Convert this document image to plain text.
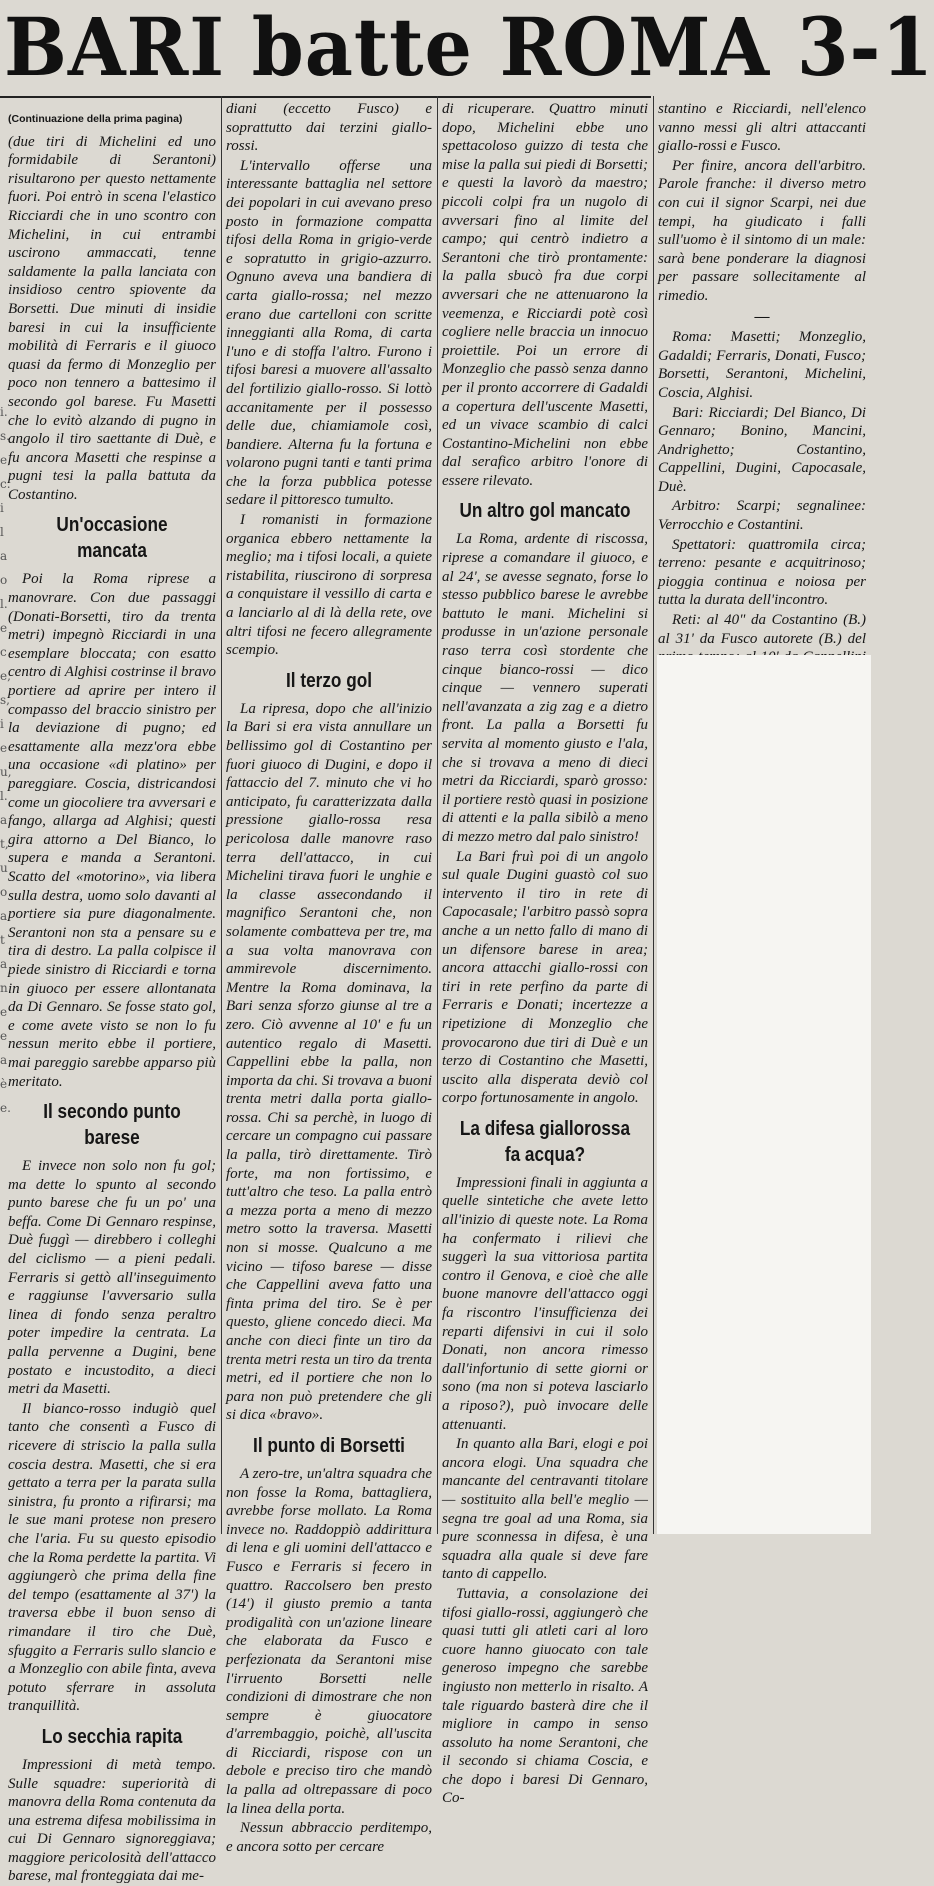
BARI batte ROMA 3-1
i. s. e, c. i l a o l. e c e, s, i e u, l. a t, u o a t a n e e a è e.
(Continuazione della prima pagina)

(due tiri di Michelini ed uno formidabile di Serantoni) risultarono per questo nettamente fuori. Poi entrò in scena l'elastico Ricciardi che in uno scontro con Michelini, in cui entrambi uscirono ammaccati, tenne saldamente la palla lanciata con insidioso centro spiovente da Borsetti. Due minuti di insidie baresi in cui la insufficiente mobilità di Ferraris e il giuoco quasi da fermo di Monzeglio per poco non tennero a battesimo il secondo gol barese. Fu Masetti che lo evitò alzando di pugno in angolo il tiro saettante di Duè, e fu ancora Masetti che respinse a pugni tesi la palla battuta da Costantino.

Un'occasione mancata

Poi la Roma riprese a manovrare. Con due passaggi (Donati-Borsetti, tiro da trenta metri) impegnò Ricciardi in una esemplare bloccata; con esatto centro di Alghisi costrinse il bravo portiere ad aprire per intero il compasso del braccio sinistro per la deviazione di pugno; ed esattamente alla mezz'ora ebbe una occasione «di platino» per pareggiare. Coscia, districandosi come un giocoliere tra avversari e fango, allarga ad Alghisi; questi gira attorno a Del Bianco, lo supera e manda a Serantoni. Scatto del «motorino», via libera sulla destra, uomo solo davanti al portiere sia pure diagonalmente. Serantoni non sta a pensare su e tira di destro. La palla colpisce il piede sinistro di Ricciardi e torna in giuoco per essere allontanata da Di Gennaro. Se fosse stato gol, e come avete visto se non lo fu nessun merito ebbe il portiere, mai pareggio sarebbe apparso più meritato.

Il secondo punto barese

E invece non solo non fu gol; ma dette lo spunto al secondo punto barese che fu un po' una beffa. Come Di Gennaro respinse, Duè fuggì — direbbero i colleghi del ciclismo — a pieni pedali. Ferraris si gettò all'inseguimento e raggiunse l'avversario sulla linea di fondo senza peraltro poter impedire la centrata. La palla pervenne a Dugini, bene postato e incustodito, a dieci metri da Masetti.

Il bianco-rosso indugiò quel tanto che consentì a Fusco di ricevere di striscio la palla sulla coscia destra. Masetti, che si era gettato a terra per la parata sulla sinistra, fu pronto a rifirarsi; ma le sue mani protese non presero che l'aria. Fu su questo episodio che la Roma perdette la partita. Vi aggiungerò che prima della fine del tempo (esattamente al 37') la traversa ebbe il buon senso di rimandare il tiro che Duè, sfuggito a Ferraris sullo slancio e a Monzeglio con abile finta, aveva potuto sferrare in assoluta tranquillità.

Lo secchia rapita

Impressioni di metà tempo. Sulle squadre: superiorità di manovra della Roma contenuta da una estrema difesa mobilissima in cui Di Gennaro signoreggiava; maggiore pericolosità dell'attacco barese, mal fronteggiata dai me-

diani (eccetto Fusco) e soprattutto dai terzini giallo-rossi.

L'intervallo offerse una interessante battaglia nel settore dei popolari in cui avevano preso posto in formazione compatta tifosi della Roma in grigio-verde e sopratutto in grigio-azzurro. Ognuno aveva una bandiera di carta giallo-rossa; nel mezzo erano due cartelloni con scritte inneggianti alla Roma, di carta l'uno e di stoffa l'altro. Furono i tifosi baresi a muovere all'assalto del fortilizio giallo-rosso. Si lottò accanitamente per il possesso delle due, chiamiamole così, bandiere. Alterna fu la fortuna e volarono pugni tanti e tanti prima che la forza pubblica potesse sedare il pittoresco tumulto.

I romanisti in formazione organica ebbero nettamente la meglio; ma i tifosi locali, a quiete ristabilita, riuscirono di sorpresa a conquistare il vessillo di carta e a lanciarlo al di là della rete, ove altri tifosi ne fecero allegramente scempio.

Il terzo gol

La ripresa, dopo che all'inizio la Bari si era vista annullare un bellissimo gol di Costantino per fuori giuoco di Dugini, e dopo il fattaccio del 7. minuto che vi ho anticipato, fu caratterizzata dalla pressione giallo-rossa resa pericolosa dalle manovre raso terra dell'attacco, in cui Michelini tirava fuori le unghie e la classe assecondando il magnifico Serantoni che, non solamente combatteva per tre, ma a sua volta manovrava con ammirevole discernimento. Mentre la Roma dominava, la Bari senza sforzo giunse al tre a zero. Ciò avvenne al 10' e fu un autentico regalo di Masetti. Cappellini ebbe la palla, non importa da chi. Si trovava a buoni trenta metri dalla porta giallo-rossa. Chi sa perchè, in luogo di cercare un compagno cui passare la palla, tirò direttamente. Tirò forte, ma non fortissimo, e tutt'altro che teso. La palla entrò a mezza porta a meno di mezzo metro sotto la traversa. Masetti non si mosse. Qualcuno a me vicino — tifoso barese — disse che Cappellini aveva fatto una finta prima del tiro. Se è per questo, gliene concedo dieci. Ma anche con dieci finte un tiro da trenta metri resta un tiro da trenta metri, ed il portiere che non lo para non può pretendere che gli si dica «bravo».

Il punto di Borsetti

A zero-tre, un'altra squadra che non fosse la Roma, battagliera, avrebbe forse mollato. La Roma invece no. Raddoppiò addirittura di lena e gli uomini dell'attacco e Fusco e Ferraris si fecero in quattro. Raccolsero ben presto (14') il giusto premio a tanta prodigalità con un'azione lineare che elaborata da Fusco e perfezionata da Serantoni mise l'irruento Borsetti nelle condizioni di dimostrare che non sempre è giuocatore d'arrembaggio, poichè, all'uscita di Ricciardi, rispose con un debole e preciso tiro che mandò la palla ad oltrepassare di poco la linea della porta.

Nessun abbraccio perditempo, e ancora sotto per cercare

di ricuperare. Quattro minuti dopo, Michelini ebbe uno spettacoloso guizzo di testa che mise la palla sui piedi di Borsetti; e questi la lavorò da maestro; piccoli colpi fra un nugolo di avversari fino al limite del campo; qui centrò indietro a Serantoni che tirò prontamente: la palla sbucò fra due corpi avversari che ne attenuarono la veemenza, e Ricciardi potè così cogliere nelle braccia un innocuo proiettile. Poi un errore di Monzeglio che passò senza danno per il pronto accorrere di Gadaldi a copertura dell'uscente Masetti, ed un vivace scambio di calci Costantino-Michelini non ebbe dal serafico arbitro l'onore di essere rilevato.

Un altro gol mancato

La Roma, ardente di riscossa, riprese a comandare il giuoco, e al 24', se avesse segnato, forse lo stesso pubblico barese le avrebbe battuto le mani. Michelini si produsse in un'azione personale raso terra così stordente che cinque bianco-rossi — dico cinque — vennero superati nell'avanzata a zig zag e a dietro front. La palla a Borsetti fu servita al momento giusto e l'ala, che si trovava a meno di dieci metri da Ricciardi, sparò grosso: il portiere restò quasi in posizione di attenti e la palla sibilò a meno di mezzo metro dal palo sinistro!

La Bari fruì poi di un angolo sul quale Dugini guastò col suo intervento il tiro in rete di Capocasale; l'arbitro passò sopra anche a un netto fallo di mano di un difensore barese in area; ancora attacchi giallo-rossi con tiri in rete perfino da parte di Ferraris e Donati; incertezze a ripetizione di Monzeglio che provocarono due tiri di Duè e un terzo di Costantino che Masetti, uscito alla disperata deviò col corpo fortunosamente in angolo.

La difesa giallorossa
fa acqua?

Impressioni finali in aggiunta a quelle sintetiche che avete letto all'inizio di queste note. La Roma ha confermato i rilievi che suggerì la sua vittoriosa partita contro il Genova, e cioè che alle buone manovre dell'attacco oggi fa riscontro l'insufficienza dei reparti difensivi in cui il solo Donati, non ancora rimesso dall'infortunio di sette giorni or sono (ma non si poteva lasciarlo a riposo?), può invocare delle attenuanti.

In quanto alla Bari, elogi e poi ancora elogi. Una squadra che mancante del centravanti titolare — sostituito alla bell'e meglio — segna tre goal ad una Roma, sia pure sconnessa in difesa, è una squadra alla quale si deve fare tanto di cappello.

Tuttavia, a consolazione dei tifosi giallo-rossi, aggiungerò che quasi tutti gli atleti cari al loro cuore hanno giuocato con tale generoso impegno che sarebbe ingiusto non metterlo in risalto. A tale riguardo basterà dire che il migliore in campo in senso assoluto ha nome Serantoni, che il secondo si chiama Coscia, e che dopo i baresi Di Gennaro, Co-

stantino e Ricciardi, nell'elenco vanno messi gli altri attaccanti giallo-rossi e Fusco.

Per finire, ancora dell'arbitro. Parole franche: il diverso metro con cui il signor Scarpi, nei due tempi, ha giudicato i falli sull'uomo è il sintomo di un male: sarà bene ponderare la diagnosi per passare sollecitamente al rimedio.

—

Roma: Masetti; Monzeglio, Gadaldi; Ferraris, Donati, Fusco; Borsetti, Serantoni, Michelini, Coscia, Alghisi.

Bari: Ricciardi; Del Bianco, Di Gennaro; Bonino, Mancini, Andrighetto; Costantino, Cappellini, Dugini, Capocasale, Duè.

Arbitro: Scarpi; segnalinee: Verrocchio e Costantini.

Spettatori: quattromila circa; terreno: pesante e acquitrinoso; pioggia continua e noiosa per tutta la durata dell'incontro.

Reti: al 40" da Costantino (B.) al 31' da Fusco autorete (B.) del
